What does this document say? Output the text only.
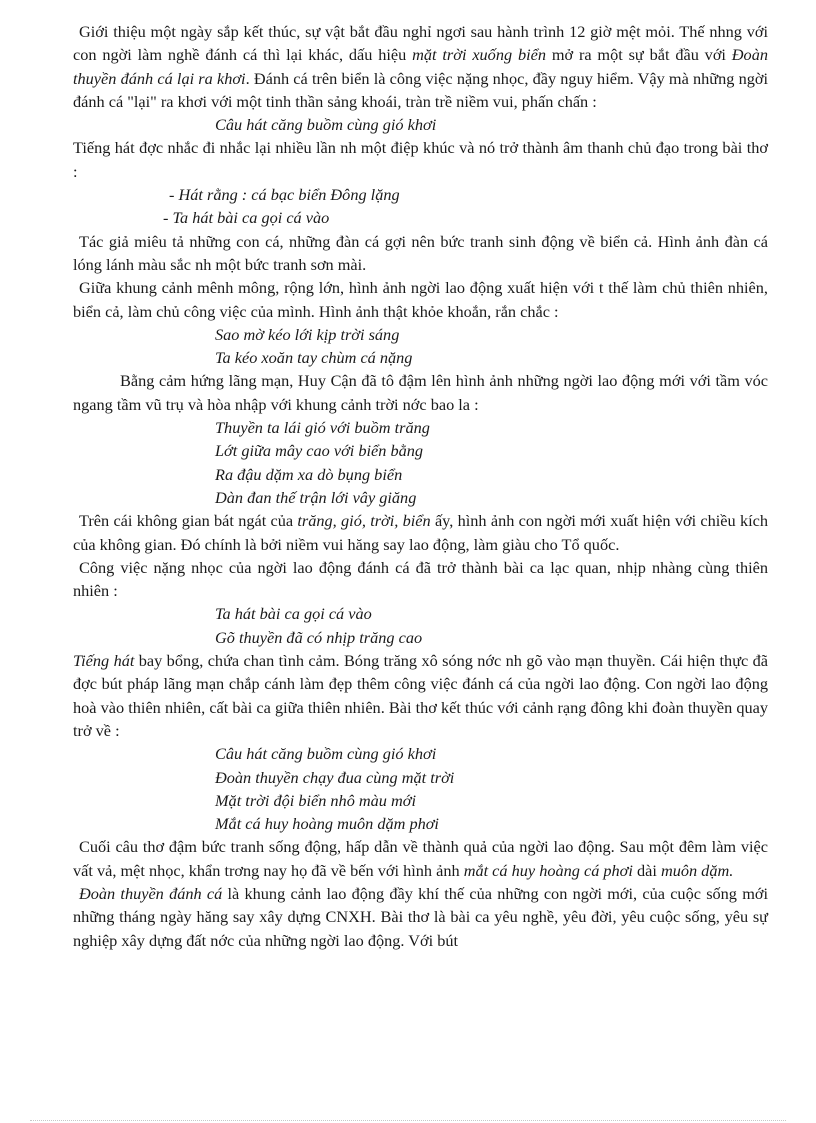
Giới thiệu một ngày sắp kết thúc, sự vật bắt đầu nghỉ ngơi sau hành trình 12 giờ mệt mỏi. Thế nhng với con ngời làm nghề đánh cá thì lại khác, dấu hiệu mặt trời xuống biển mở ra một sự bắt đầu với Đoàn thuyền đánh cá lại ra khơi. Đánh cá trên biển là công việc nặng nhọc, đầy nguy hiểm. Vậy mà những ngời đánh cá "lại" ra khơi với một tinh thần sảng khoái, tràn trề niềm vui, phấn chấn :

Câu hát căng buồm cùng gió khơi

Tiếng hát đợc nhắc đi nhắc lại nhiều lần nh một điệp khúc và nó trở thành âm thanh chủ đạo trong bài thơ :

- Hát rằng : cá bạc biển Đông lặng

- Ta hát bài ca gọi cá vào

Tác giả miêu tả những con cá, những đàn cá gợi nên bức tranh sinh động về biển cả. Hình ảnh đàn cá lóng lánh màu sắc nh một bức tranh sơn mài.

Giữa khung cảnh mênh mông, rộng lớn, hình ảnh ngời lao động xuất hiện với t thế làm chủ thiên nhiên, biển cả, làm chủ công việc của mình. Hình ảnh thật khỏe khoắn, rắn chắc :

Sao mờ kéo lới kịp trời sáng

Ta kéo xoăn tay chùm cá nặng

Bằng cảm hứng lãng mạn, Huy Cận đã tô đậm lên hình ảnh những ngời lao động mới với tầm vóc ngang tầm vũ trụ và hòa nhập với khung cảnh trời nớc bao la :

Thuyền ta lái gió với buồm trăng

Lớt giữa mây cao với biển bằng

Ra đậu dặm xa dò bụng biển

Dàn đan thế trận lới vây giăng

Trên cái không gian bát ngát của trăng, gió, trời, biển ấy, hình ảnh con ngời mới xuất hiện với chiều kích của không gian. Đó chính là bởi niềm vui hăng say lao động, làm giàu cho Tổ quốc.

Công việc nặng nhọc của ngời lao động đánh cá đã trở thành bài ca lạc quan, nhịp nhàng cùng thiên nhiên :

Ta hát bài ca gọi cá vào

Gõ thuyền đã có nhịp trăng cao

Tiếng hát bay bổng, chứa chan tình cảm. Bóng trăng xô sóng nớc nh gõ vào mạn thuyền. Cái hiện thực đã đợc bút pháp lãng mạn chắp cánh làm đẹp thêm công việc đánh cá của ngời lao động. Con ngời lao động hoà vào thiên nhiên, cất bài ca giữa thiên nhiên. Bài thơ kết thúc với cảnh rạng đông khi đoàn thuyền quay trở về :

Câu hát căng buồm cùng gió khơi

Đoàn thuyền chạy đua cùng mặt trời

Mặt trời đội biển nhô màu mới

Mắt cá huy hoàng muôn dặm phơi

Cuối câu thơ đậm bức tranh sống động, hấp dẫn về thành quả của ngời lao động. Sau một đêm làm việc vất vả, mệt nhọc, khẩn trơng nay họ đã về bến với hình ảnh mắt cá huy hoàng cá phơi dài muôn dặm.

Đoàn thuyền đánh cá là khung cảnh lao động đầy khí thế của những con ngời mới, của cuộc sống mới những tháng ngày hăng say xây dựng CNXH. Bài thơ là bài ca yêu nghề, yêu đời, yêu cuộc sống, yêu sự nghiệp xây dựng đất nớc của những ngời lao động. Với bút
